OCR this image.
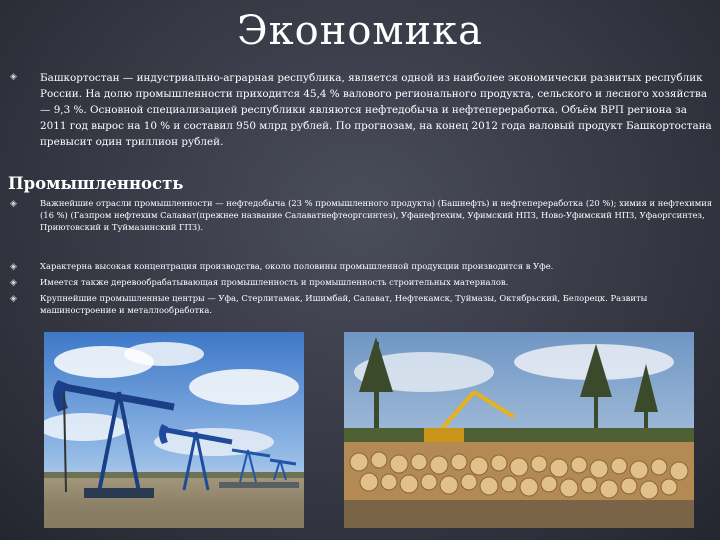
Экономика
◈ Башкортостан — индустриально-аграрная республика, является одной из наиболее экономически развитых республик России. На долю промышленности приходится 45,4 % валового регионального продукта, сельского и лесного хозяйства — 9,3 %. Основной специализацией республики являются нефтедобыча и нефтепереработка. Объём ВРП региона за 2011 год вырос на 10 % и составил 950 млрд рублей. По прогнозам, на конец 2012 года валовый продукт Башкортостана превысит один триллион рублей.

Промышленность
◈	Важнейшие отрасли промышленности — нефтедобыча (23 % промышленного продукта) (Башнефть) и нефтепереработка (20 %); химия и нефтехимия (16 %) (Газпром нефтехим Салават(прежнее название Салаватнефтеоргсинтез), Уфанефтехим, Уфимский НПЗ, Ново-Уфимский НПЗ, Уфаоргсинтез, Приютовский и Туймазинский ГПЗ).

◈	Характерна высокая концентрация производства, около половины промышленной продукции производится в Уфе.

◈	Имеется также деревообрабатывающая промышленность и промышленность строительных материалов.

◈	Крупнейшие промышленные центры — Уфа, Стерлитамак, Ишимбай, Салават, Нефтекамск, Туймазы, Октябрьский, Белорецк. Развиты машиностроение и металлообработка.
